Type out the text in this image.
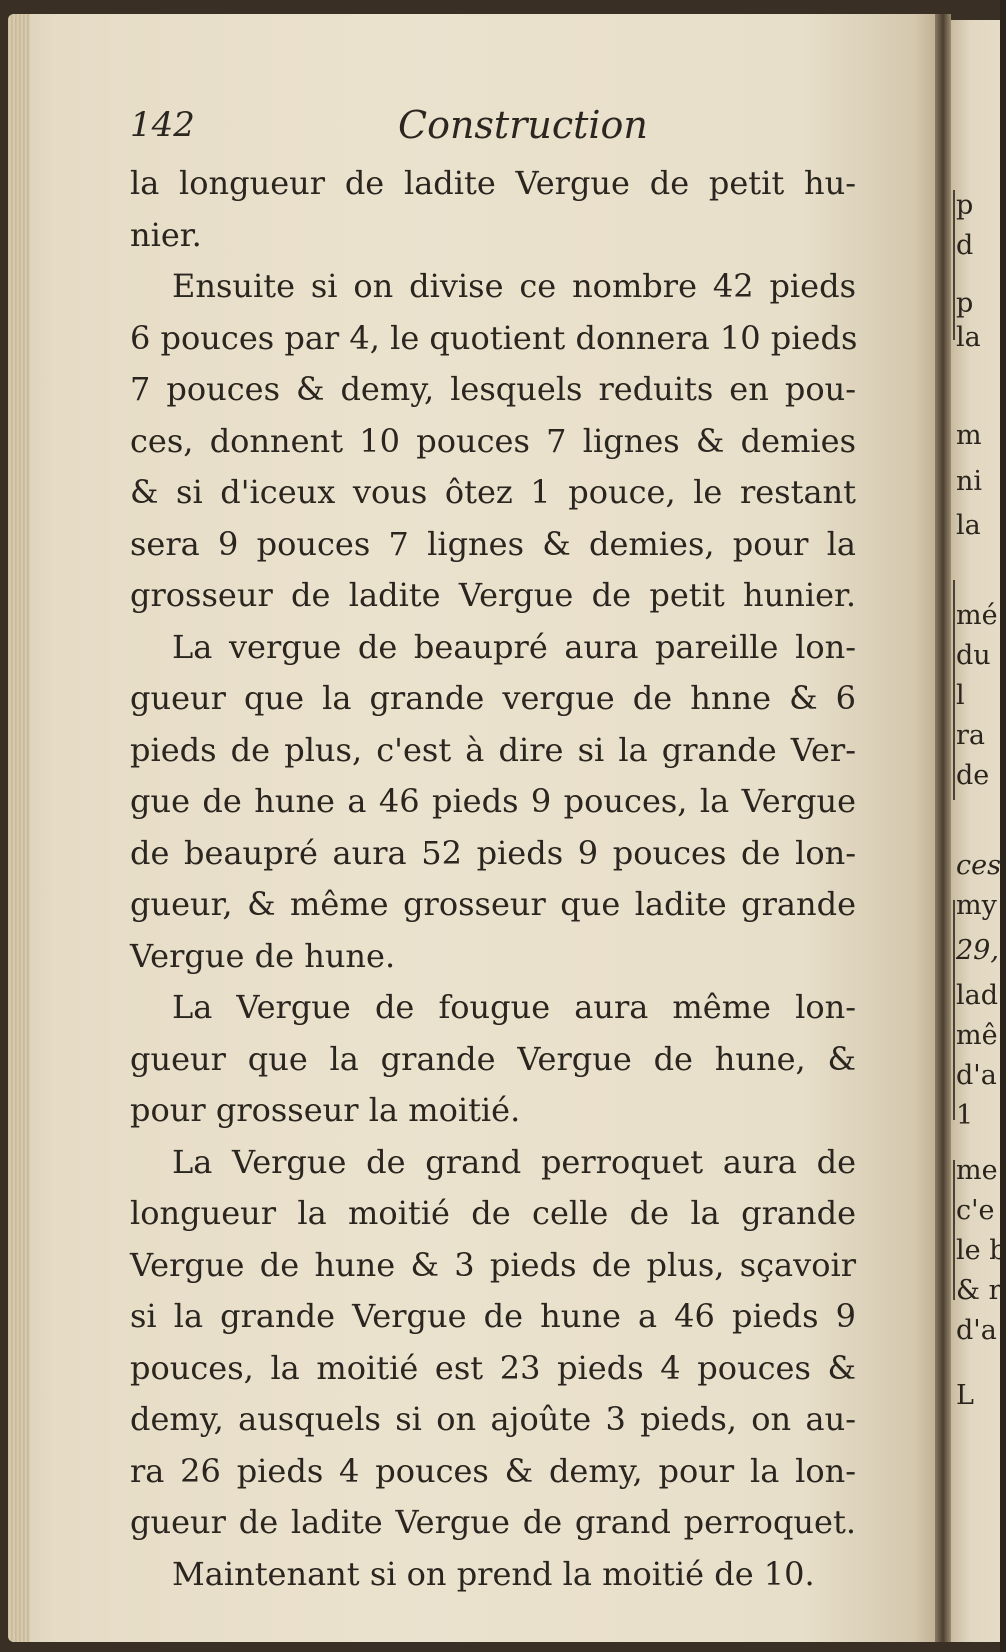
p
d
p
la
m
ni
la
mé
du
l
ra
de
ces
my
29,
lad
mê
d'a
1
me
c'e
le b
& r
d'a
L
142	Construction
la longueur de ladite Vergue de petit hu-
nier.
Ensuite si on divise ce nombre 42 pieds
6 pouces par 4, le quotient donnera 10 pieds
7 pouces & demy, lesquels reduits en pou-
ces, donnent 10 pouces 7 lignes & demies
& si d'iceux vous ôtez 1 pouce, le restant
sera 9 pouces 7 lignes & demies, pour la
grosseur de ladite Vergue de petit hunier.
La vergue de beaupré aura pareille lon-
gueur que la grande vergue de hnne & 6
pieds de plus, c'est à dire si la grande Ver-
gue de hune a 46 pieds 9 pouces, la Vergue
de beaupré aura 52 pieds 9 pouces de lon-
gueur, & même grosseur que ladite grande
Vergue de hune.
La Vergue de fougue aura même lon-
gueur que la grande Vergue de hune, &
pour grosseur la moitié.
La Vergue de grand perroquet aura de
longueur la moitié de celle de la grande
Vergue de hune & 3 pieds de plus, sçavoir
si la grande Vergue de hune a 46 pieds 9
pouces, la moitié est 23 pieds 4 pouces &
demy, ausquels si on ajoûte 3 pieds, on au-
ra 26 pieds 4 pouces & demy, pour la lon-
gueur de ladite Vergue de grand perroquet.
Maintenant si on prend la moitié de 10.
